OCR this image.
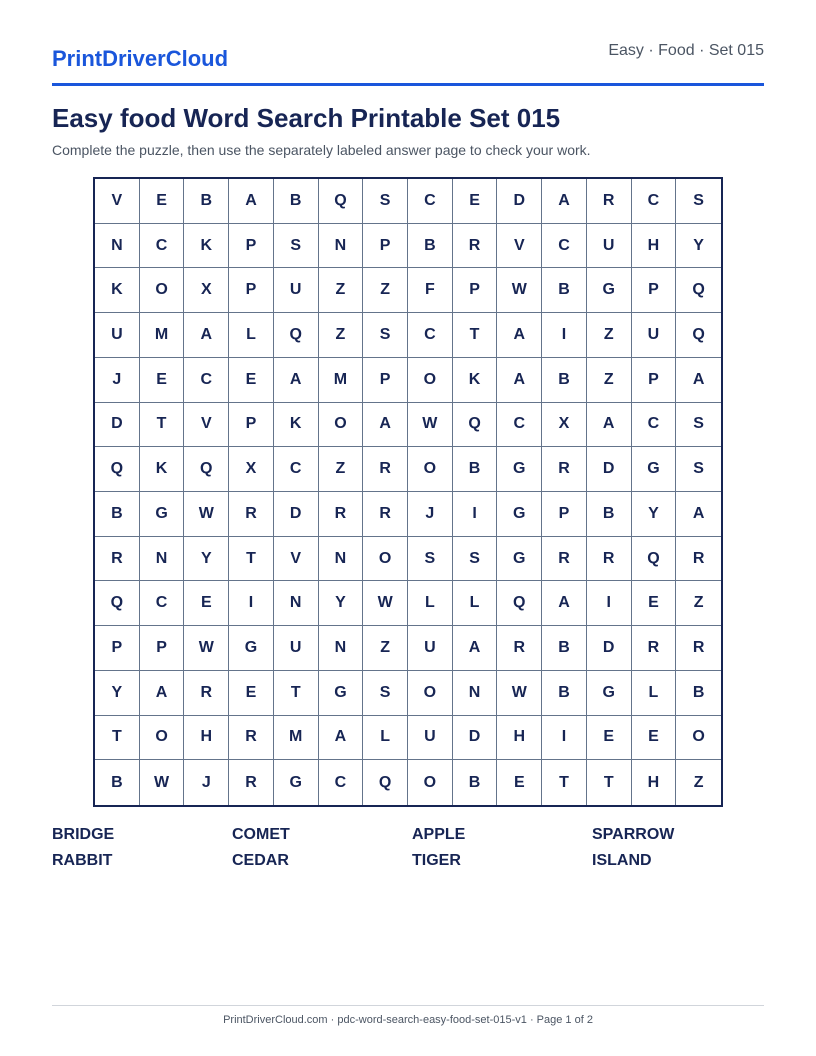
PrintDriverCloud	Easy · Food · Set 015
Easy food Word Search Printable Set 015
Complete the puzzle, then use the separately labeled answer page to check your work.
V	E	B	A	B	Q	S	C	E	D	A	R	C	S
N	C	K	P	S	N	P	B	R	V	C	U	H	Y
K	O	X	P	U	Z	Z	F	P	W	B	G	P	Q
U	M	A	L	Q	Z	S	C	T	A	I	Z	U	Q
J	E	C	E	A	M	P	O	K	A	B	Z	P	A
D	T	V	P	K	O	A	W	Q	C	X	A	C	S
Q	K	Q	X	C	Z	R	O	B	G	R	D	G	S
B	G	W	R	D	R	R	J	I	G	P	B	Y	A
R	N	Y	T	V	N	O	S	S	G	R	R	Q	R
Q	C	E	I	N	Y	W	L	L	Q	A	I	E	Z
P	P	W	G	U	N	Z	U	A	R	B	D	R	R
Y	A	R	E	T	G	S	O	N	W	B	G	L	B
T	O	H	R	M	A	L	U	D	H	I	E	E	O
B	W	J	R	G	C	Q	O	B	E	T	T	H	Z
BRIDGE	COMET	APPLE	SPARROW
RABBIT	CEDAR	TIGER	ISLAND
PrintDriverCloud.com · pdc-word-search-easy-food-set-015-v1 · Page 1 of 2
